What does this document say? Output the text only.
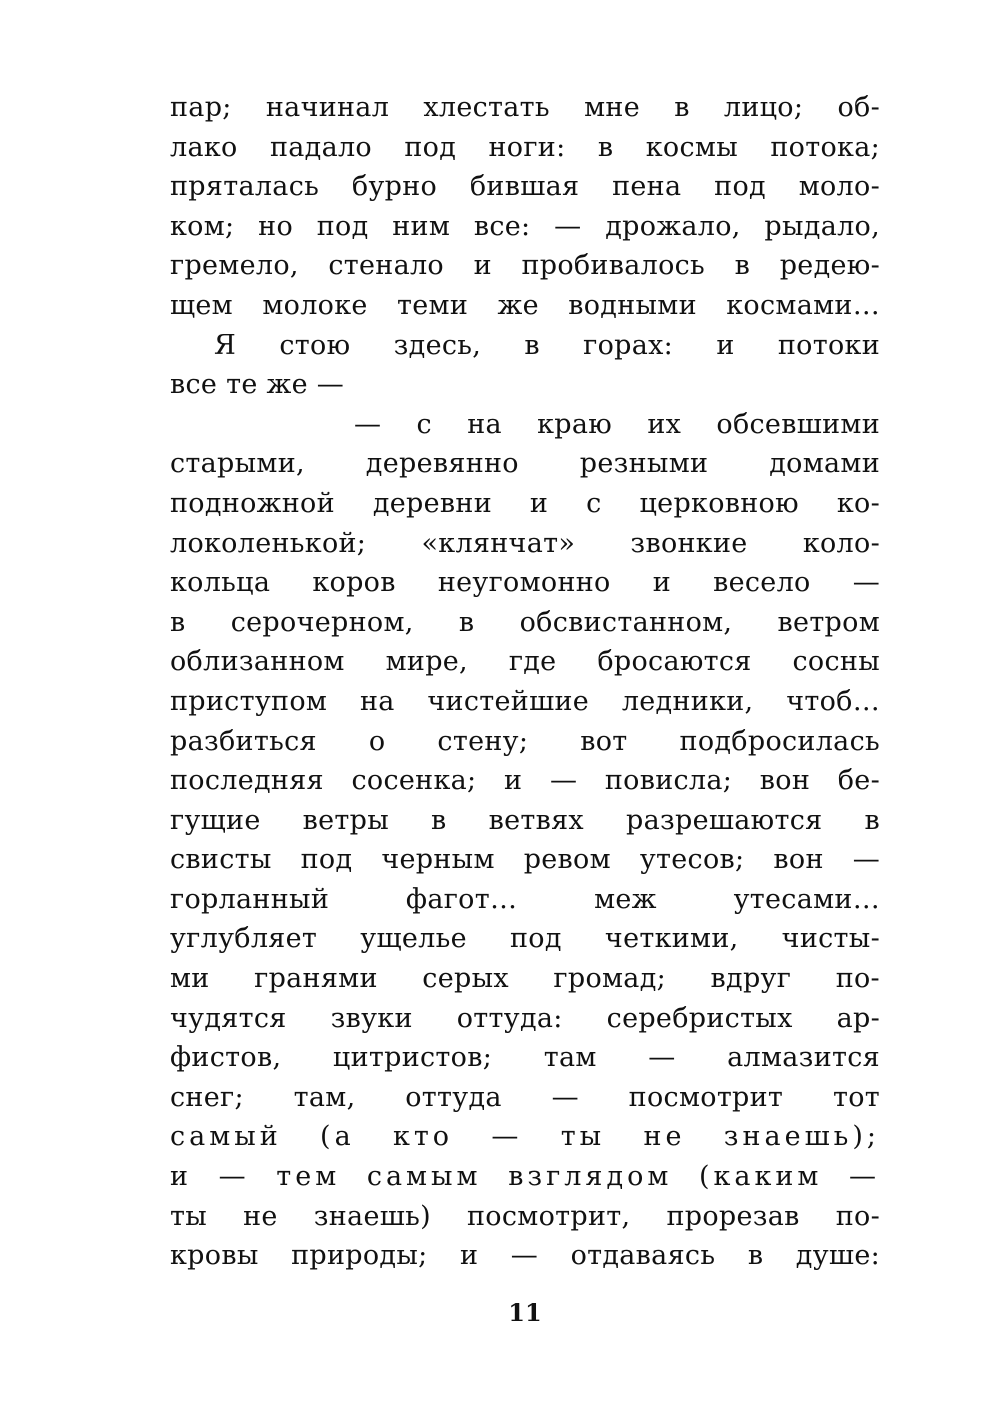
пар; начинал хлестать мне в лицо; об-
лако падало под ноги: в космы потока;
пряталась бурно бившая пена под моло-
ком; но под ним все: — дрожало, рыдало,
гремело, стенало и пробивалось в редею-
щем молоке теми же водными космами…
Я стою здесь, в горах: и потоки
все те же —
— с на краю их обсевшими
старыми, деревянно резными домами
подножной деревни и с церковною ко-
локоленькой; «клянчат» звонкие коло-
кольца коров неугомонно и весело —
в серочерном, в обсвистанном, ветром
облизанном мире, где бросаются сосны
приступом на чистейшие ледники, чтоб…
разбиться о стену; вот подбросилась
последняя сосенка; и — повисла; вон бе-
гущие ветры в ветвях разрешаются в
свисты под черным ревом утесов; вон —
горланный фагот… меж утесами…
углубляет ущелье под четкими, чисты-
ми гранями серых громад; вдруг по-
чудятся звуки оттуда: серебристых ар-
фистов, цитристов; там — алмазится
снег; там, оттуда — посмотрит тот
самый (а кто — ты не знаешь);
и — тем самым взглядом (каким —
ты не знаешь) посмотрит, прорезав по-
кровы природы; и — отдаваясь в душе:
11
